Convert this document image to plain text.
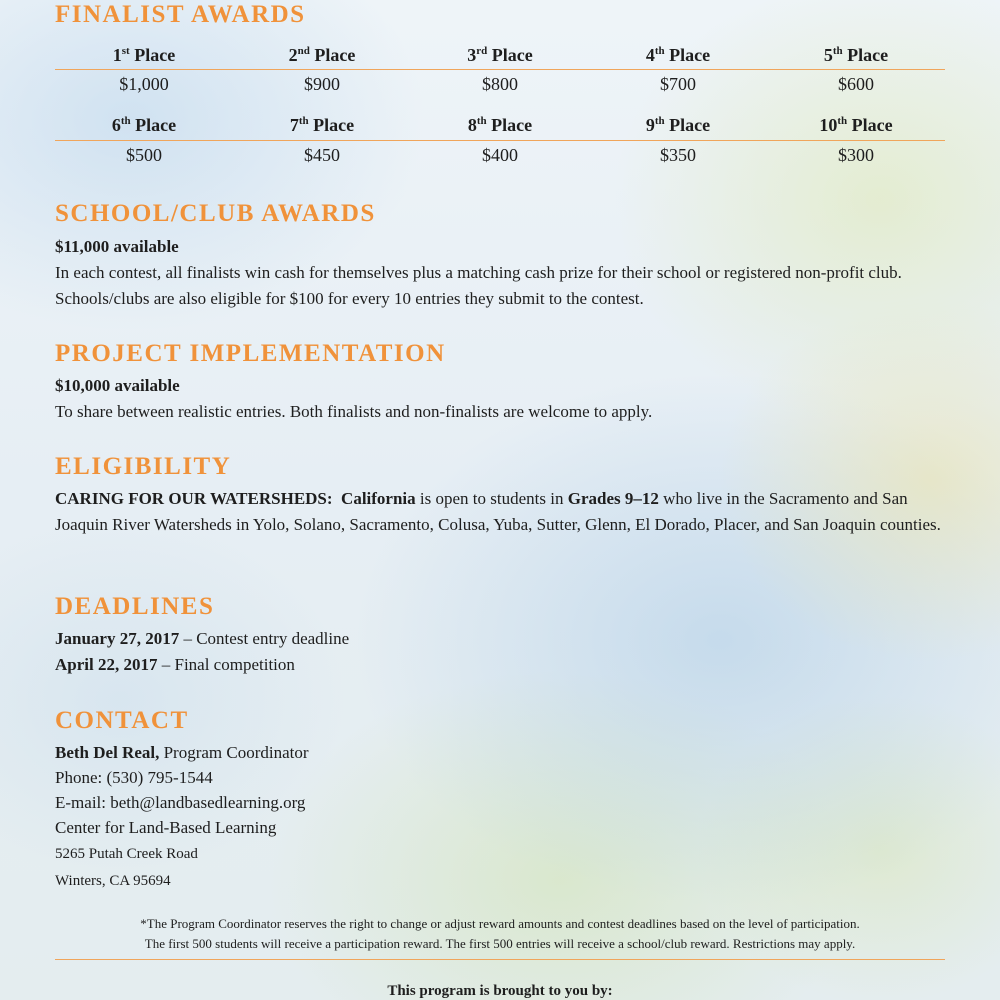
FINALIST AWARDS
1st Place	2nd Place	3rd Place	4th Place	5th Place
$1,000	$900	$800	$700	$600
6th Place	7th Place	8th Place	9th Place	10th Place
$500	$450	$400	$350	$300
SCHOOL/CLUB AWARDS

$11,000 available
In each contest, all finalists win cash for themselves plus a matching cash prize for their school or registered non-profit club. Schools/clubs are also eligible for $100 for every 10 entries they submit to the contest.

PROJECT IMPLEMENTATION

$10,000 available
To share between realistic entries. Both finalists and non-finalists are welcome to apply.

ELIGIBILITY

CARING FOR OUR WATERSHEDS: California is open to students in Grades 9–12 who live in the Sacramento and San Joaquin River Watersheds in Yolo, Solano, Sacramento, Colusa, Yuba, Sutter, Glenn, El Dorado, Placer, and San Joaquin counties.

DEADLINES

January 27, 2017 – Contest entry deadline
April 22, 2017 – Final competition

CONTACT

Beth Del Real, Program Coordinator
Phone: (530) 795-1544
E-mail: beth@landbasedlearning.org
Center for Land-Based Learning
5265 Putah Creek Road
Winters, CA 95694

*The Program Coordinator reserves the right to change or adjust reward amounts and contest deadlines based on the level of participation.
The first 500 students will receive a participation reward. The first 500 entries will receive a school/club reward. Restrictions may apply.
This program is brought to you by:
